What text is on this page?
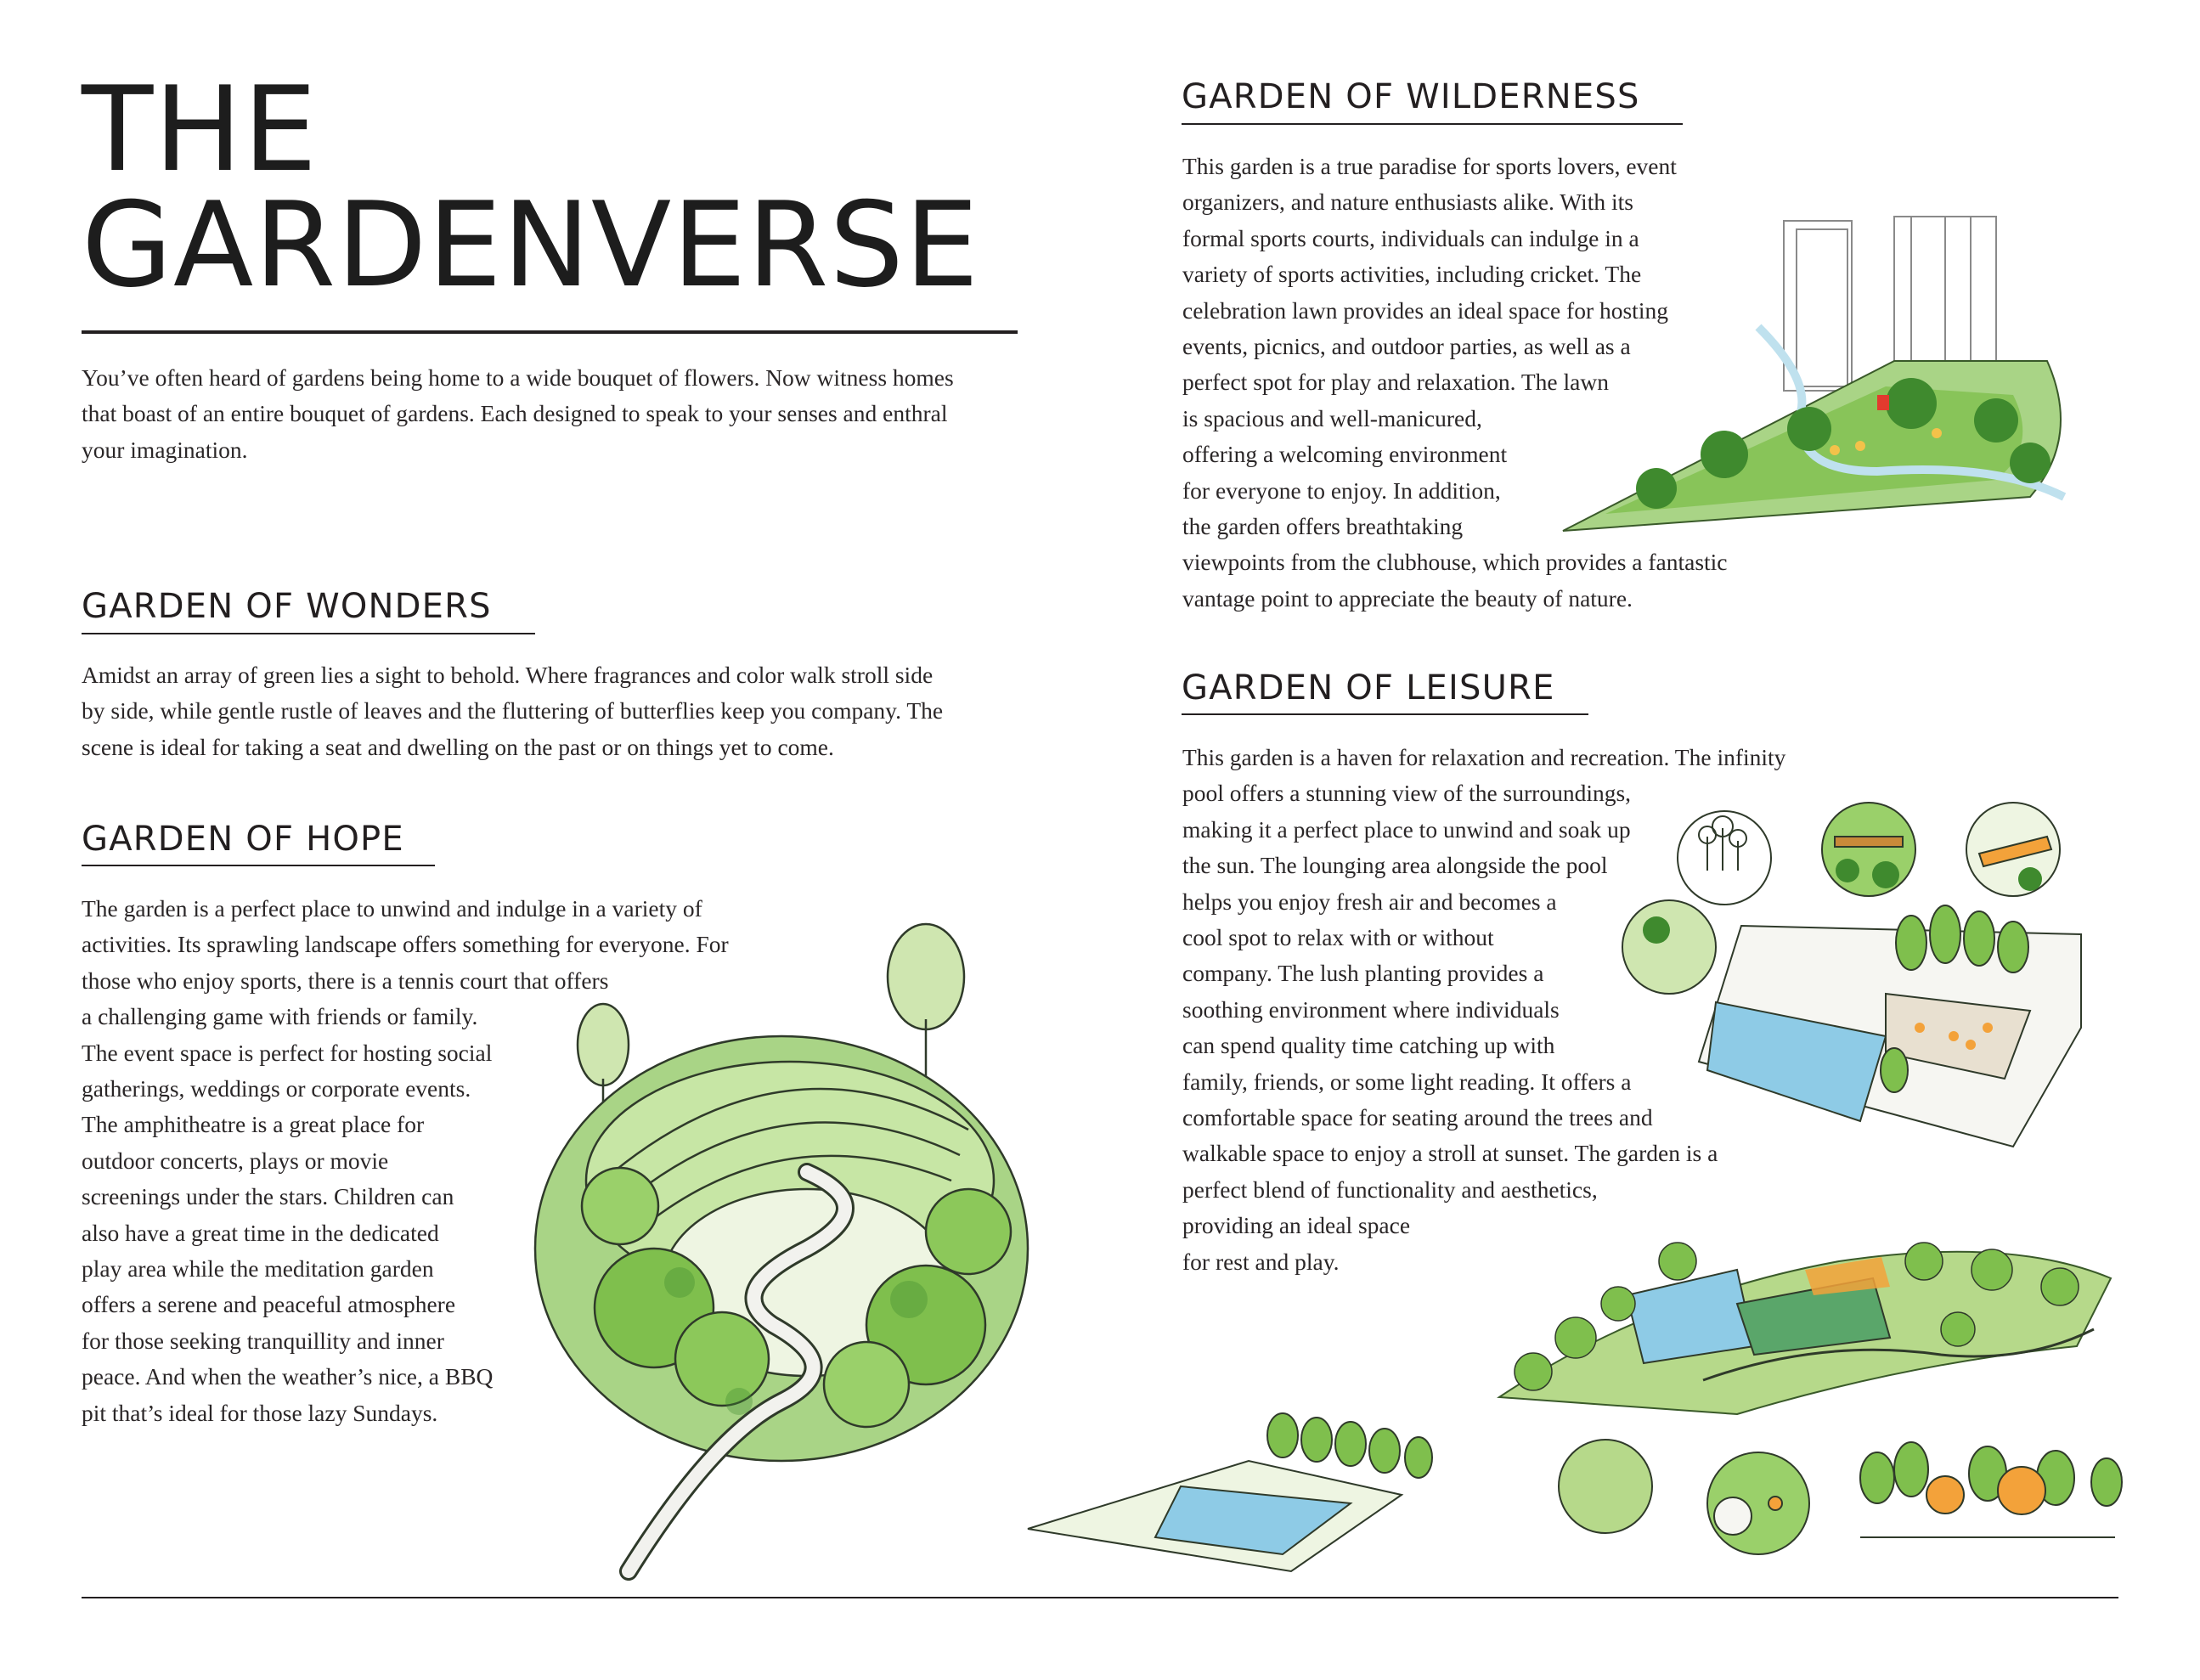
THE
GARDENVERSE
You’ve often heard of gardens being home to a wide bouquet of flowers. Now witness homes
that boast of an entire bouquet of gardens. Each designed to speak to your senses and enthral
your imagination.
GARDEN OF WONDERS
Amidst an array of green lies a sight to behold. Where fragrances and color walk stroll side
by side, while gentle rustle of leaves and the fluttering of butterflies keep you company. The
scene is ideal for taking a seat and dwelling on the past or on things yet to come.
GARDEN OF HOPE
The garden is a perfect place to unwind and indulge in a variety of
activities. Its sprawling landscape offers something for everyone. For
those who enjoy sports, there is a tennis court that offers
a challenging game with friends or family.
The event space is perfect for hosting social
gatherings, weddings or corporate events.
The amphitheatre is a great place for
outdoor concerts, plays or movie
screenings under the stars. Children can
also have a great time in the dedicated
play area while the meditation garden
offers a serene and peaceful atmosphere
for those seeking tranquillity and inner
peace. And when the weather’s nice, a BBQ
pit that’s ideal for those lazy Sundays.
GARDEN OF WILDERNESS
This garden is a true paradise for sports lovers, event
organizers, and nature enthusiasts alike. With its
formal sports courts, individuals can indulge in a
variety of sports activities, including cricket. The
celebration lawn provides an ideal space for hosting
events, picnics, and outdoor parties, as well as a
perfect spot for play and relaxation. The lawn
is spacious and well-manicured,
offering a welcoming environment
for everyone to enjoy. In addition,
the garden offers breathtaking
viewpoints from the clubhouse, which provides a fantastic
vantage point to appreciate the beauty of nature.
GARDEN OF LEISURE
This garden is a haven for relaxation and recreation. The infinity
pool offers a stunning view of the surroundings,
making it a perfect place to unwind and soak up
the sun. The lounging area alongside the pool
helps you enjoy fresh air and becomes a
cool spot to relax with or without
company. The lush planting provides a
soothing environment where individuals
can spend quality time catching up with
family, friends, or some light reading. It offers a
comfortable space for seating around the trees and
walkable space to enjoy a stroll at sunset. The garden is a
perfect blend of functionality and aesthetics,
providing an ideal space
for rest and play.
